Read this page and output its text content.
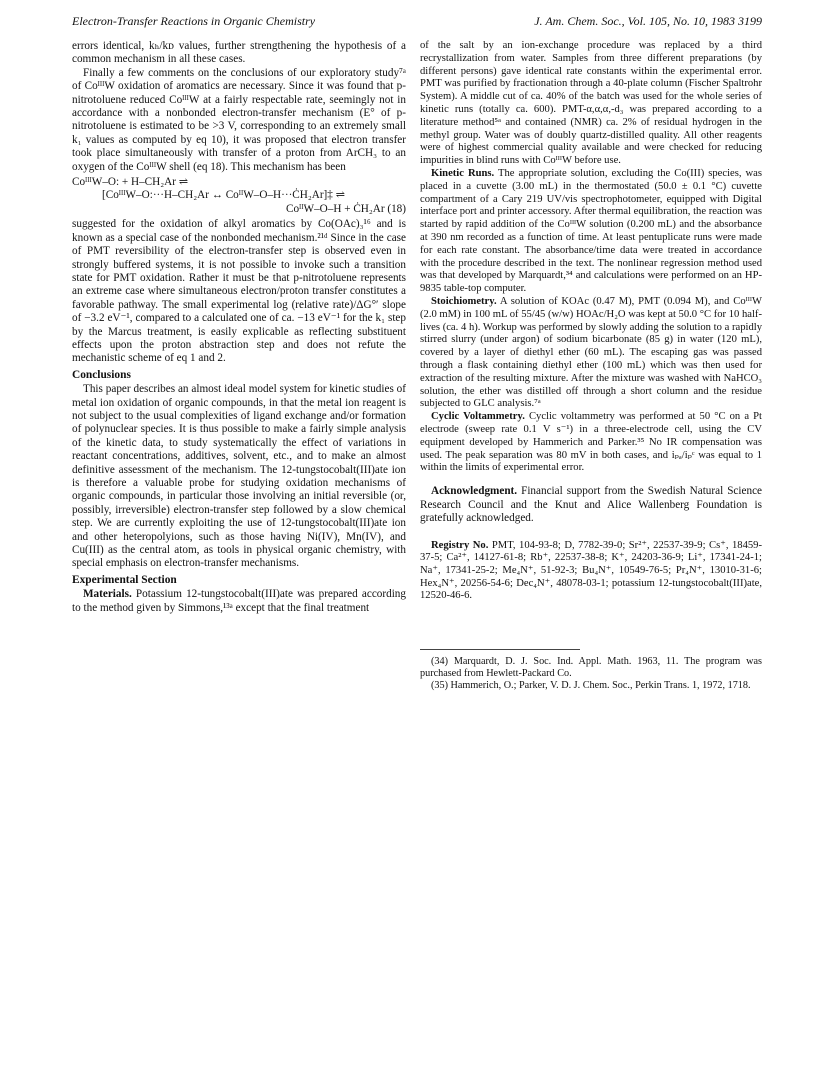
Electron-Transfer Reactions in Organic Chemistry	J. Am. Chem. Soc., Vol. 105, No. 10, 1983 3199

errors identical, kₕ/kᴅ values, further strengthening the hypothesis of a common mechanism in all these cases.

Finally a few comments on the conclusions of our exploratory study⁷ᵃ of CoᴵᴵᴵW oxidation of aromatics are necessary. Since it was found that p-nitrotoluene reduced CoᴵᴵᴵW at a fairly respectable rate, seemingly not in accordance with a nonbonded electron-transfer mechanism (E° of p-nitrotoluene is estimated to be >3 V, corresponding to an extremely small k₁ values as computed by eq 10), it was proposed that electron transfer took place simultaneously with transfer of a proton from ArCH₃ to an oxygen of the CoᴵᴵᴵW shell (eq 18). This mechanism has been

CoᴵᴵᴵW–O: + H–CH₂Ar ⇌
[CoᴵᴵᴵW–O:···H–CH₂Ar ↔ CoᴵᴵW–O–H···ĊH₂Ar]‡ ⇌
CoᴵᴵW–O–H + ĊH₂Ar (18)

suggested for the oxidation of alkyl aromatics by Co(OAc)₃¹⁶ and is known as a special case of the nonbonded mechanism.²¹ᵈ Since in the case of PMT reversibility of the electron-transfer step is observed even in strongly buffered systems, it is not possible to invoke such a transition state for PMT oxidation. Rather it must be that p-nitrotoluene represents an extreme case where simultaneous electron/proton transfer constitutes a favorable pathway. The small experimental log (relative rate)/ΔG°′ slope of −3.2 eV⁻¹, compared to a calculated one of ca. −13 eV⁻¹ for the k₁ step by the Marcus treatment, is easily explicable as reflecting substituent effects upon the proton abstraction step and does not refute the mechanistic scheme of eq 1 and 2.

Conclusions

This paper describes an almost ideal model system for kinetic studies of metal ion oxidation of organic compounds, in that the metal ion reagent is not subject to the usual complexities of ligand exchange and/or formation of polynuclear species. It is thus possible to make a fairly simple analysis of the kinetic data, to study systematically the effect of variations in reactant concentrations, additives, solvent, etc., and to make an almost definitive assessment of the mechanism. The 12-tungstocobalt(III)ate ion is therefore a valuable probe for studying oxidation mechanisms of organic compounds, in particular those involving an initial reversible (or, possibly, irreversible) electron-transfer step followed by a slow chemical step. We are currently exploiting the use of 12-tungstocobalt(III)ate ion and other heteropolyions, such as those having Ni(IV), Mn(IV), and Cu(III) as the central atom, as tools in physical organic chemistry, with special emphasis on electron-transfer mechanisms.

Experimental Section

Materials. Potassium 12-tungstocobalt(III)ate was prepared according to the method given by Simmons,¹³ᵃ except that the final treatment

of the salt by an ion-exchange procedure was replaced by a third recrystallization from water. Samples from three different preparations (by different persons) gave identical rate constants within the experimental error. PMT was purified by fractionation through a 40-plate column (Fischer Spaltrohr System). A middle cut of ca. 40% of the batch was used for the whole series of kinetic runs (totally ca. 600). PMT-α,α,α,-d₃ was prepared according to a literature method⁵ᵃ and contained (NMR) ca. 2% of residual hydrogen in the methyl group. Water was of doubly quartz-distilled quality. All other reagents were of highest commercial quality available and were checked for reducing impurities in blind runs with CoᴵᴵᴵW before use.

Kinetic Runs. The appropriate solution, excluding the Co(III) species, was placed in a cuvette (3.00 mL) in the thermostated (50.0 ± 0.1 °C) cuvette compartment of a Cary 219 UV/vis spectrophotometer, equipped with Digital interface port and printer accessory. After thermal equilibration, the reaction was started by rapid addition of the CoᴵᴵᴵW solution (0.200 mL) and the absorbance at 390 nm recorded as a function of time. At least pentuplicate runs were made for each rate constant. The absorbance/time data were treated in accordance with the procedure described in the text. The nonlinear regression method used was that developed by Marquardt,³⁴ and calculations were performed on an HP-9835 table-top computer.

Stoichiometry. A solution of KOAc (0.47 M), PMT (0.094 M), and CoᴵᴵᴵW (2.0 mM) in 100 mL of 55/45 (w/w) HOAc/H₂O was kept at 50.0 °C for 10 half-lives (ca. 4 h). Workup was performed by slowly adding the solution to a rapidly stirred slurry (under argon) of sodium bicarbonate (85 g) in water (120 mL), covered by a layer of diethyl ether (60 mL). The escaping gas was passed through a flask containing diethyl ether (100 mL) which was then used for extraction of the resulting mixture. After the mixture was washed with NaHCO₃ solution, the ether was distilled off through a short column and the residue subjected to GLC analysis.⁷ᵃ

Cyclic Voltammetry. Cyclic voltammetry was performed at 50 °C on a Pt electrode (sweep rate 0.1 V s⁻¹) in a three-electrode cell, using the CV equipment developed by Hammerich and Parker.³⁵ No IR compensation was used. The peak separation was 80 mV in both cases, and iₚₐ/iₚᶜ was equal to 1 within the limits of experimental error.

Acknowledgment. Financial support from the Swedish Natural Science Research Council and the Knut and Alice Wallenberg Foundation is gratefully acknowledged.

Registry No. PMT, 104-93-8; D, 7782-39-0; Sr²⁺, 22537-39-9; Cs⁺, 18459-37-5; Ca²⁺, 14127-61-8; Rb⁺, 22537-38-8; K⁺, 24203-36-9; Li⁺, 17341-24-1; Na⁺, 17341-25-2; Me₄N⁺, 51-92-3; Bu₄N⁺, 10549-76-5; Pr₄N⁺, 13010-31-6; Hex₄N⁺, 20256-54-6; Dec₄N⁺, 48078-03-1; potassium 12-tungstocobalt(III)ate, 12520-46-6.

(34) Marquardt, D. J. Soc. Ind. Appl. Math. 1963, 11. The program was purchased from Hewlett-Packard Co.

(35) Hammerich, O.; Parker, V. D. J. Chem. Soc., Perkin Trans. 1, 1972, 1718.
